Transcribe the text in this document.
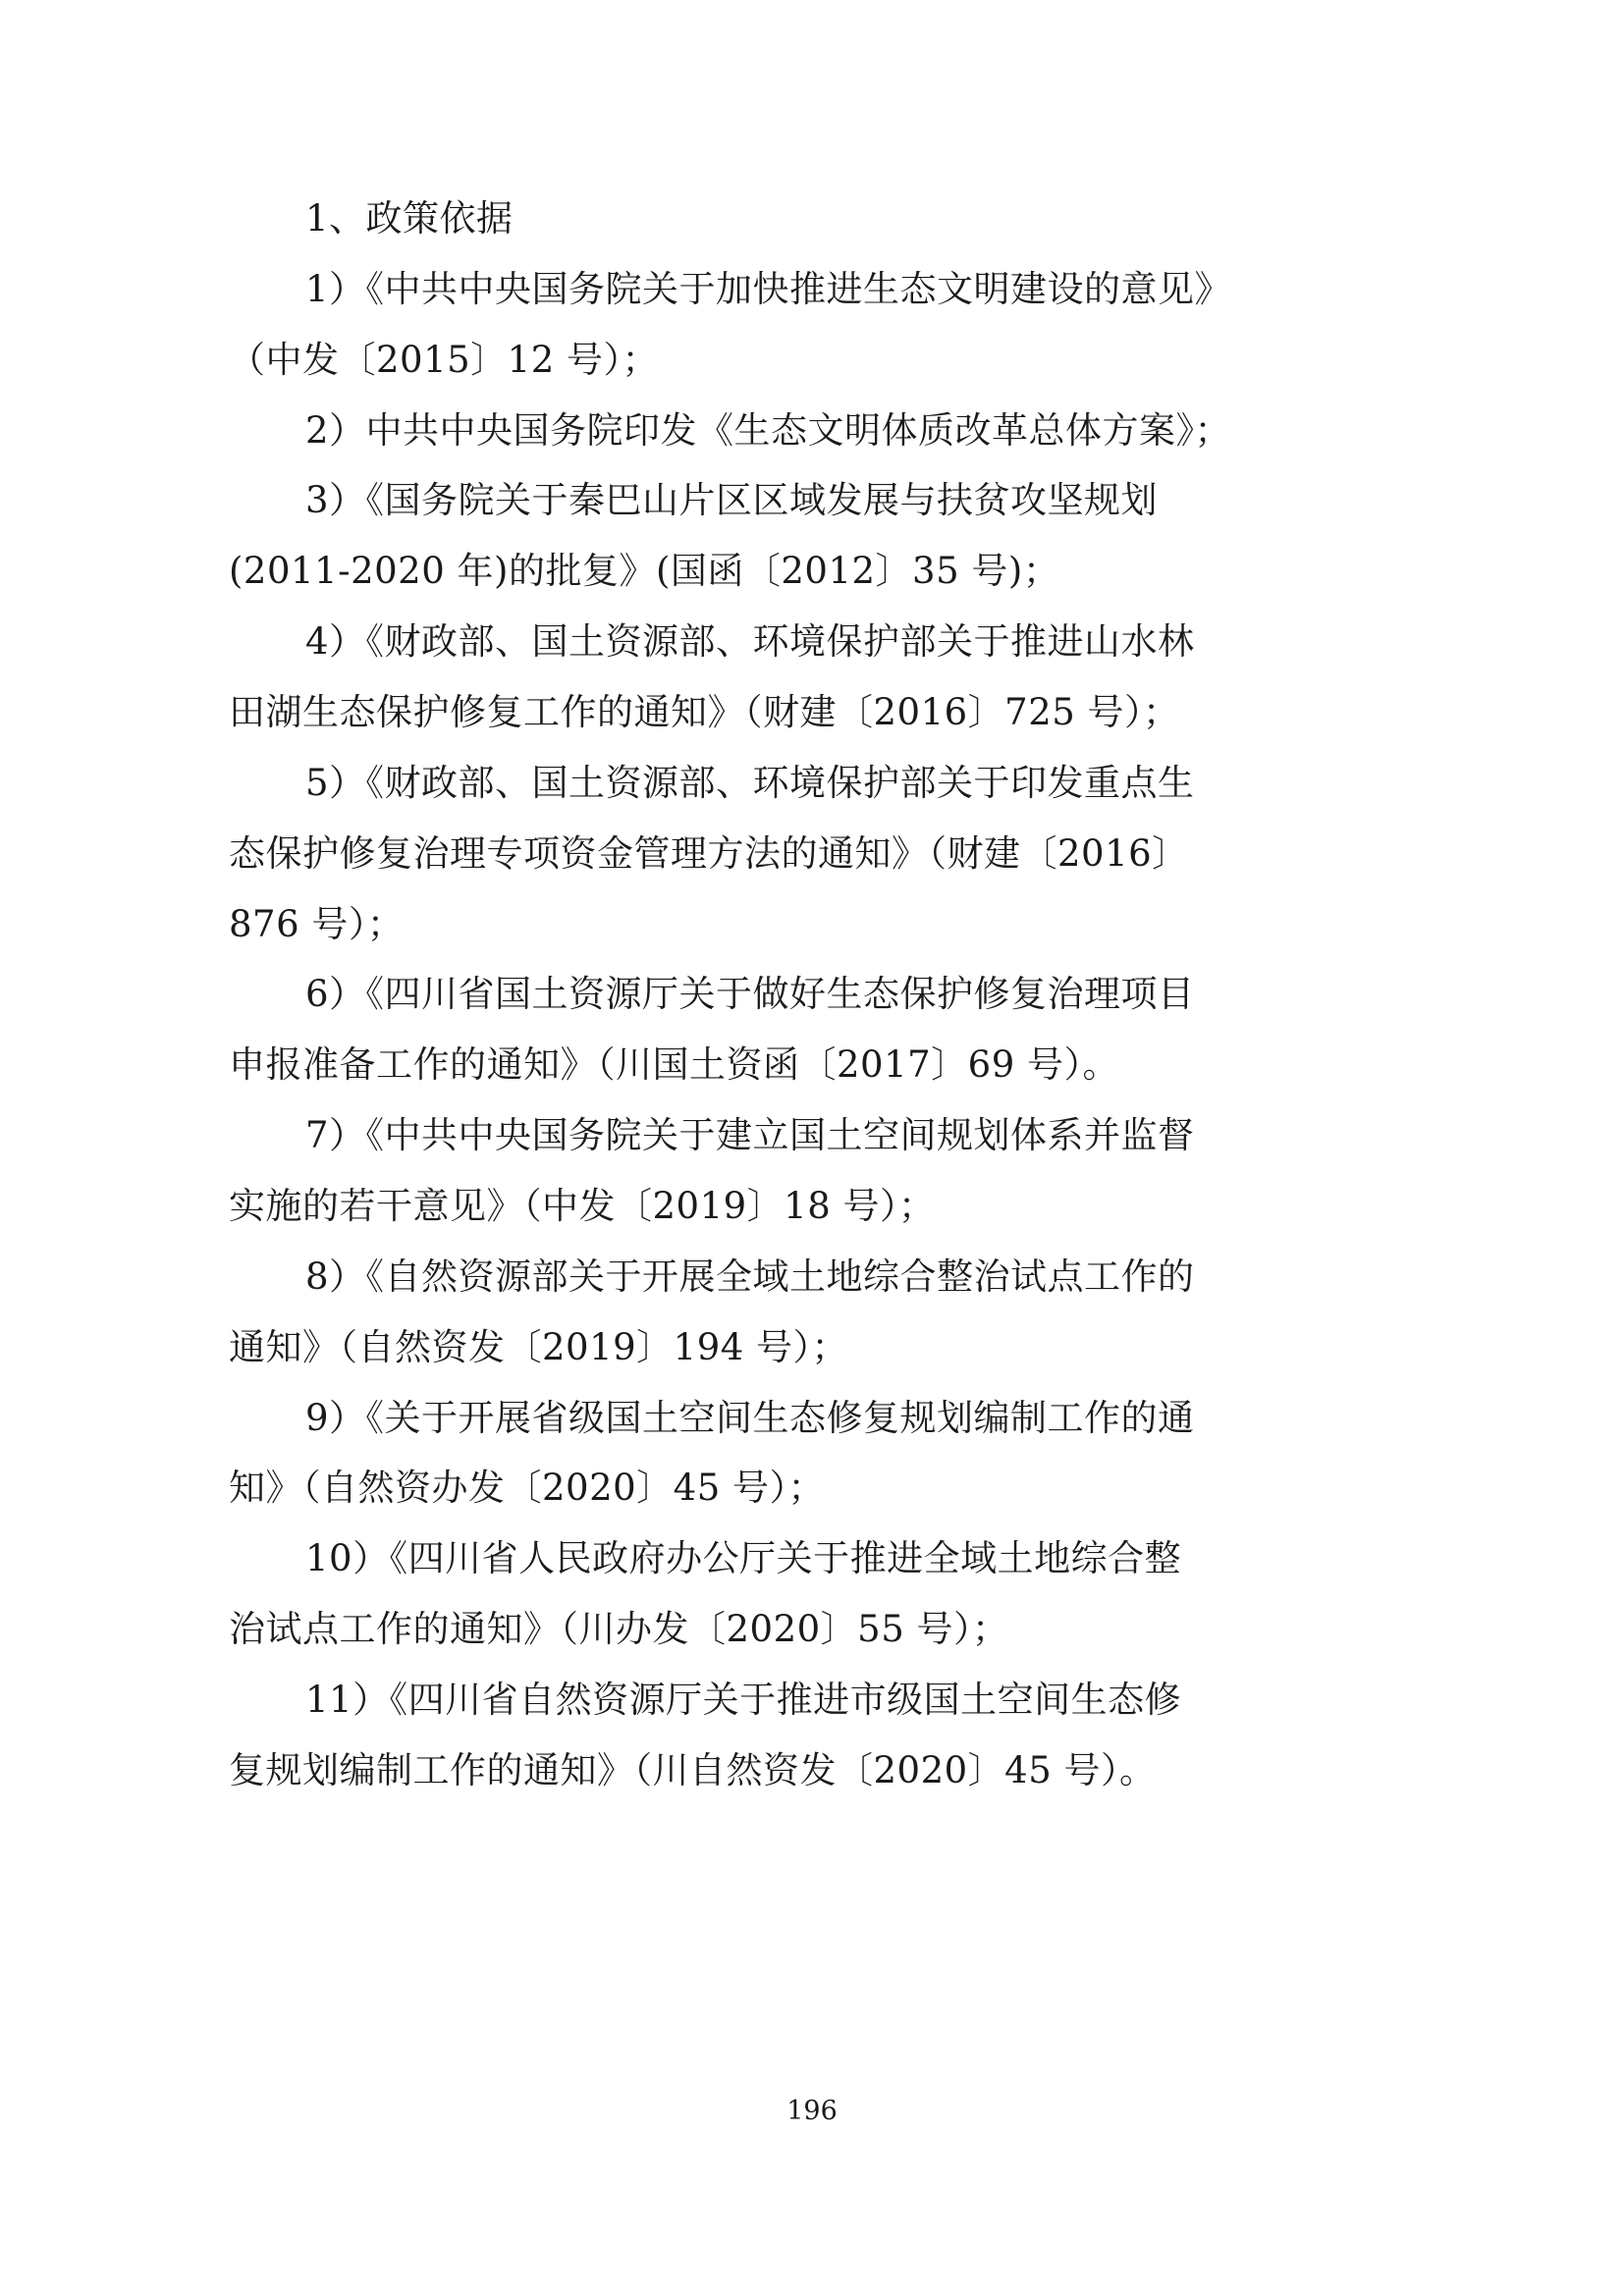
1、政策依据

1）《中共中央国务院关于加快推进生态文明建设的意见》

（中发〔2015〕12 号）；

2）中共中央国务院印发《生态文明体质改革总体方案》；

3）《国务院关于秦巴山片区区域发展与扶贫攻坚规划

(2011-2020 年)的批复》(国函〔2012〕35 号)；

4）《财政部、国土资源部、环境保护部关于推进山水林

田湖生态保护修复工作的通知》（财建〔2016〕725 号）；

5）《财政部、国土资源部、环境保护部关于印发重点生

态保护修复治理专项资金管理方法的通知》（财建〔2016〕

876 号）；

6）《四川省国土资源厅关于做好生态保护修复治理项目

申报准备工作的通知》（川国土资函〔2017〕69 号）。

7）《中共中央国务院关于建立国土空间规划体系并监督

实施的若干意见》（中发〔2019〕18 号）；

8）《自然资源部关于开展全域土地综合整治试点工作的

通知》（自然资发〔2019〕194 号）；

9）《关于开展省级国土空间生态修复规划编制工作的通

知》（自然资办发〔2020〕45 号）；

10）《四川省人民政府办公厅关于推进全域土地综合整

治试点工作的通知》（川办发〔2020〕55 号）；

11）《四川省自然资源厅关于推进市级国土空间生态修

复规划编制工作的通知》（川自然资发〔2020〕45 号）。

196
